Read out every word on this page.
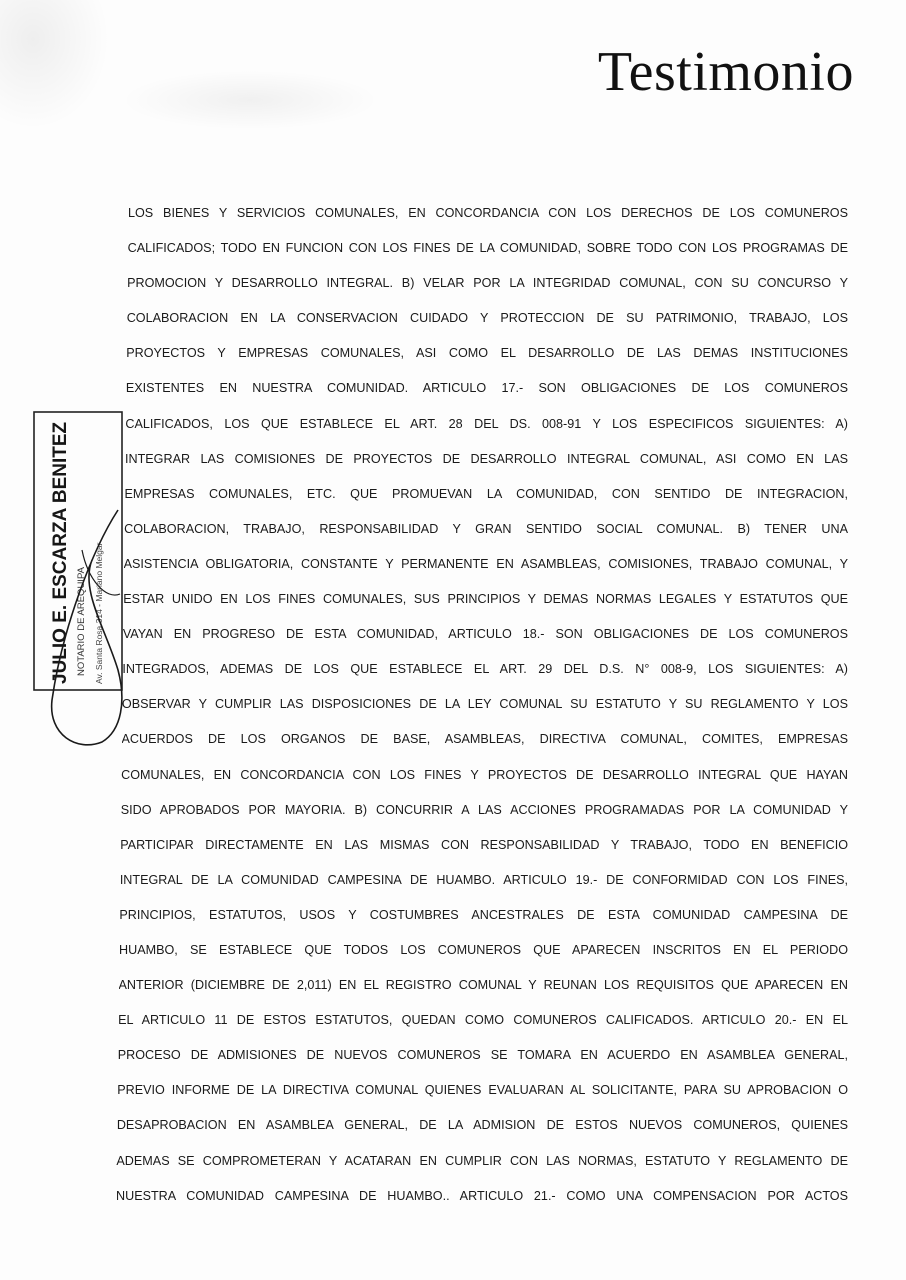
Testimonio
JULIO E. ESCARZA BENITEZ NOTARIO DE AREQUIPA Av. Santa Rosa 314 - Mariano Melgar
LOS BIENES Y SERVICIOS COMUNALES, EN CONCORDANCIA CON LOS DERECHOS DE LOS COMUNEROS
CALIFICADOS; TODO EN FUNCION CON LOS FINES DE LA COMUNIDAD, SOBRE TODO CON LOS PROGRAMAS DE
PROMOCION Y DESARROLLO INTEGRAL. B) VELAR POR LA INTEGRIDAD COMUNAL, CON SU CONCURSO Y
COLABORACION EN LA CONSERVACION CUIDADO Y PROTECCION DE SU PATRIMONIO, TRABAJO, LOS
PROYECTOS Y EMPRESAS COMUNALES, ASI COMO EL DESARROLLO DE LAS DEMAS INSTITUCIONES
EXISTENTES EN NUESTRA COMUNIDAD. ARTICULO 17.- SON OBLIGACIONES DE LOS COMUNEROS
CALIFICADOS, LOS QUE ESTABLECE EL ART. 28 DEL DS. 008-91 Y LOS ESPECIFICOS SIGUIENTES: A)
INTEGRAR LAS COMISIONES DE PROYECTOS DE DESARROLLO INTEGRAL COMUNAL, ASI COMO EN LAS
EMPRESAS COMUNALES, ETC. QUE PROMUEVAN LA COMUNIDAD, CON SENTIDO DE INTEGRACION,
COLABORACION, TRABAJO, RESPONSABILIDAD Y GRAN SENTIDO SOCIAL COMUNAL. B) TENER UNA
ASISTENCIA OBLIGATORIA, CONSTANTE Y PERMANENTE EN ASAMBLEAS, COMISIONES, TRABAJO COMUNAL, Y
ESTAR UNIDO EN LOS FINES COMUNALES, SUS PRINCIPIOS Y DEMAS NORMAS LEGALES Y ESTATUTOS QUE
VAYAN EN PROGRESO DE ESTA COMUNIDAD, ARTICULO 18.- SON OBLIGACIONES DE LOS COMUNEROS
INTEGRADOS, ADEMAS DE LOS QUE ESTABLECE EL ART. 29 DEL D.S. N° 008-9, LOS SIGUIENTES: A)
OBSERVAR Y CUMPLIR LAS DISPOSICIONES DE LA LEY COMUNAL SU ESTATUTO Y SU REGLAMENTO Y LOS
ACUERDOS DE LOS ORGANOS DE BASE, ASAMBLEAS, DIRECTIVA COMUNAL, COMITES, EMPRESAS
COMUNALES, EN CONCORDANCIA CON LOS FINES Y PROYECTOS DE DESARROLLO INTEGRAL QUE HAYAN
SIDO APROBADOS POR MAYORIA. B) CONCURRIR A LAS ACCIONES PROGRAMADAS POR LA COMUNIDAD Y
PARTICIPAR DIRECTAMENTE EN LAS MISMAS CON RESPONSABILIDAD Y TRABAJO, TODO EN BENEFICIO
INTEGRAL DE LA COMUNIDAD CAMPESINA DE HUAMBO. ARTICULO 19.- DE CONFORMIDAD CON LOS FINES,
PRINCIPIOS, ESTATUTOS, USOS Y COSTUMBRES ANCESTRALES DE ESTA COMUNIDAD CAMPESINA DE
HUAMBO, SE ESTABLECE QUE TODOS LOS COMUNEROS QUE APARECEN INSCRITOS EN EL PERIODO
ANTERIOR (DICIEMBRE DE 2,011) EN EL REGISTRO COMUNAL Y REUNAN LOS REQUISITOS QUE APARECEN EN
EL ARTICULO 11 DE ESTOS ESTATUTOS, QUEDAN COMO COMUNEROS CALIFICADOS. ARTICULO 20.- EN EL
PROCESO DE ADMISIONES DE NUEVOS COMUNEROS SE TOMARA EN ACUERDO EN ASAMBLEA GENERAL,
PREVIO INFORME DE LA DIRECTIVA COMUNAL QUIENES EVALUARAN AL SOLICITANTE, PARA SU APROBACION O
DESAPROBACION EN ASAMBLEA GENERAL, DE LA ADMISION DE ESTOS NUEVOS COMUNEROS, QUIENES
ADEMAS SE COMPROMETERAN Y ACATARAN EN CUMPLIR CON LAS NORMAS, ESTATUTO Y REGLAMENTO DE
NUESTRA COMUNIDAD CAMPESINA DE HUAMBO.. ARTICULO 21.- COMO UNA COMPENSACION POR ACTOS
